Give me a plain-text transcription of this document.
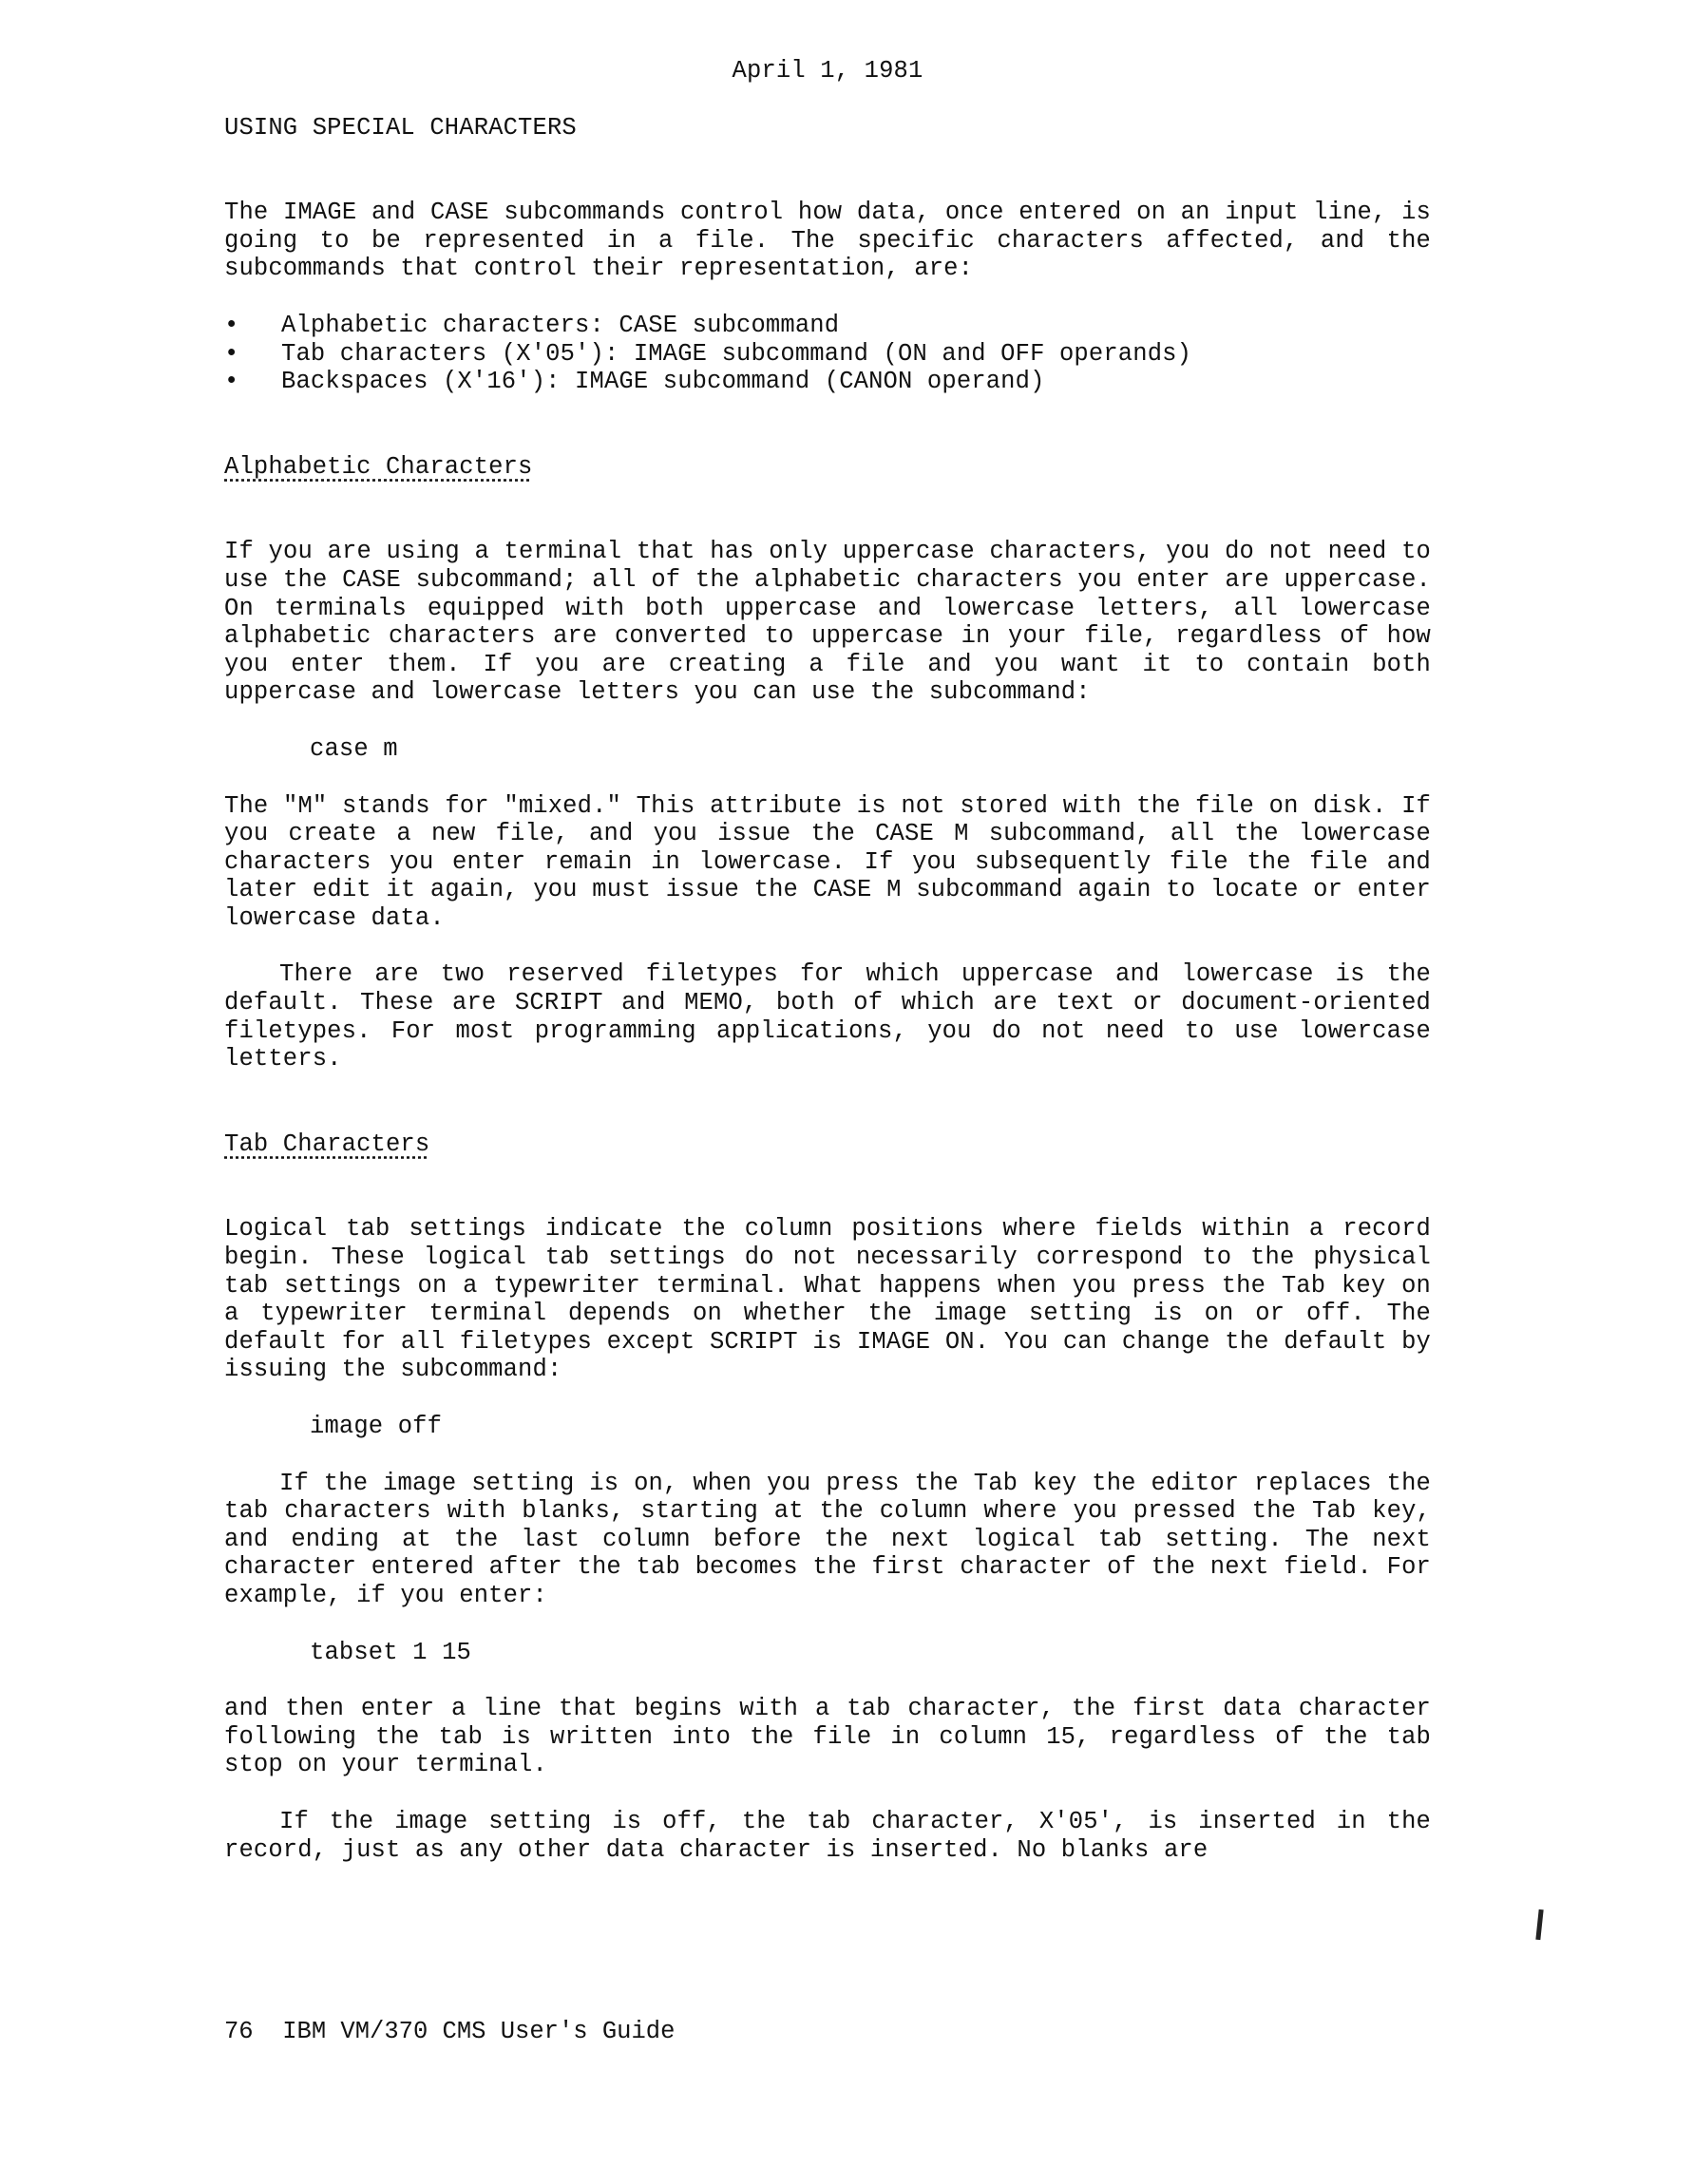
April 1, 1981

USING SPECIAL CHARACTERS

The IMAGE and CASE subcommands control how data, once entered on an input line, is going to be represented in a file. The specific characters affected, and the subcommands that control their representation, are:

• Alphabetic characters: CASE subcommand
• Tab characters (X'05'): IMAGE subcommand (ON and OFF operands)
• Backspaces (X'16'): IMAGE subcommand (CANON operand)

Alphabetic Characters

If you are using a terminal that has only uppercase characters, you do not need to use the CASE subcommand; all of the alphabetic characters you enter are uppercase. On terminals equipped with both uppercase and lowercase letters, all lowercase alphabetic characters are converted to uppercase in your file, regardless of how you enter them. If you are creating a file and you want it to contain both uppercase and lowercase letters you can use the subcommand:

case m

The "M" stands for "mixed." This attribute is not stored with the file on disk. If you create a new file, and you issue the CASE M subcommand, all the lowercase characters you enter remain in lowercase. If you subsequently file the file and later edit it again, you must issue the CASE M subcommand again to locate or enter lowercase data.

There are two reserved filetypes for which uppercase and lowercase is the default. These are SCRIPT and MEMO, both of which are text or document-oriented filetypes. For most programming applications, you do not need to use lowercase letters.

Tab Characters

Logical tab settings indicate the column positions where fields within a record begin. These logical tab settings do not necessarily correspond to the physical tab settings on a typewriter terminal. What happens when you press the Tab key on a typewriter terminal depends on whether the image setting is on or off. The default for all filetypes except SCRIPT is IMAGE ON. You can change the default by issuing the subcommand:

image off

If the image setting is on, when you press the Tab key the editor replaces the tab characters with blanks, starting at the column where you pressed the Tab key, and ending at the last column before the next logical tab setting. The next character entered after the tab becomes the first character of the next field. For example, if you enter:

tabset 1 15

and then enter a line that begins with a tab character, the first data character following the tab is written into the file in column 15, regardless of the tab stop on your terminal.

If the image setting is off, the tab character, X'05', is inserted in the record, just as any other data character is inserted. No blanks are

76 IBM VM/370 CMS User's Guide
